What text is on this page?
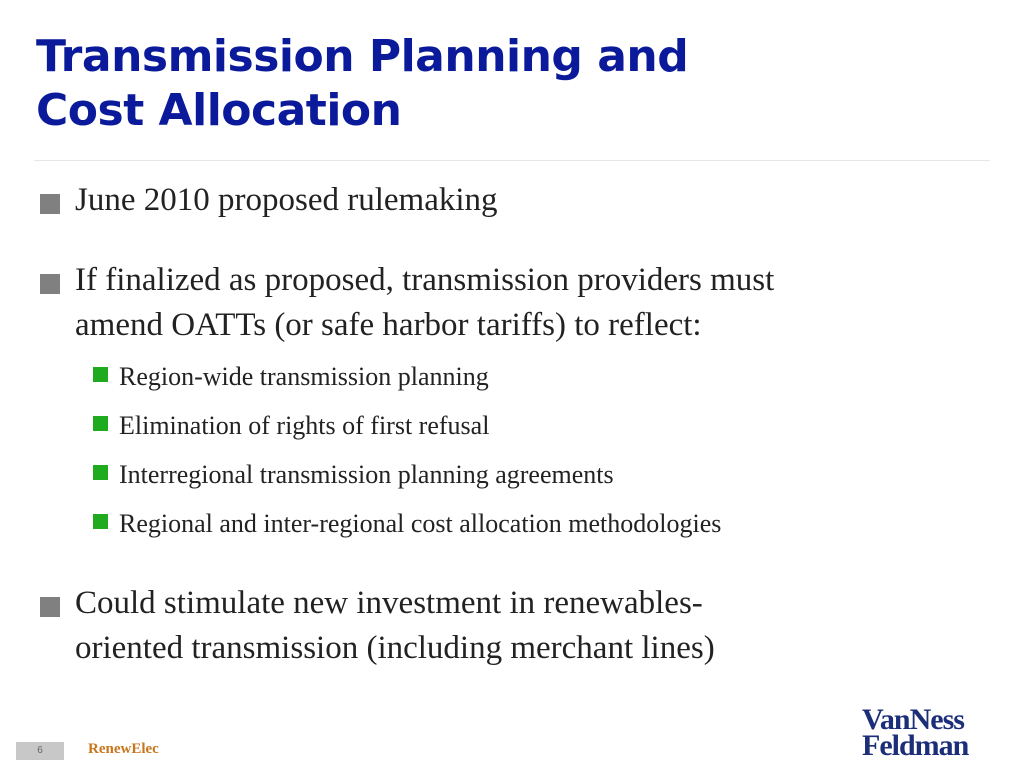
Transmission Planning and
Cost Allocation
June 2010 proposed rulemaking
If finalized as proposed, transmission providers must
amend OATTs (or safe harbor tariffs) to reflect:
Region-wide transmission planning
Elimination of rights of first refusal
Interregional transmission planning agreements
Regional and inter-regional cost allocation methodologies
Could stimulate new investment in renewables-
oriented transmission (including merchant lines)
6	RenewElec
VanNess
Feldman
